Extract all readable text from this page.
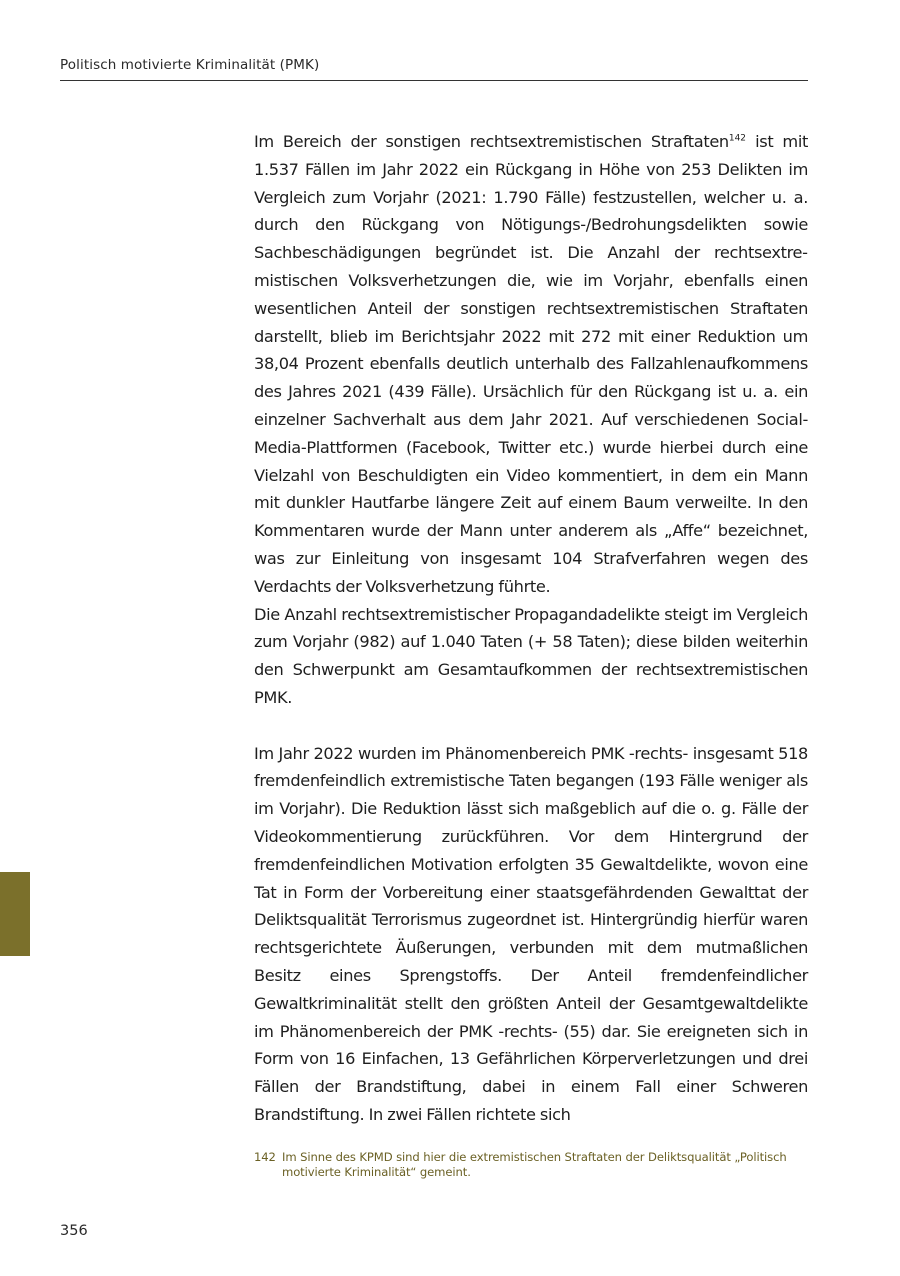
Politisch motivierte Kriminalität (PMK)

Im Bereich der sonstigen rechtsextremistischen Straftaten$^{142}$ ist mit 1.537 Fällen im Jahr 2022 ein Rückgang in Höhe von 253 Delikten im Vergleich zum Vorjahr (2021: 1.790 Fälle) festzustellen, welcher u. a. durch den Rückgang von Nötigungs-/Bedrohungsdelikten sowie Sachbeschädigungen begründet ist. Die Anzahl der rechtsextremistischen Volksverhetzungen die, wie im Vorjahr, ebenfalls einen wesentlichen Anteil der sonstigen rechtsextremistischen Straftaten darstellt, blieb im Berichtsjahr 2022 mit 272 mit einer Reduktion um 38,04 Prozent ebenfalls deutlich unterhalb des Fallzahlenaufkommens des Jahres 2021 (439 Fälle). Ursächlich für den Rückgang ist u. a. ein einzelner Sachverhalt aus dem Jahr 2021. Auf verschiedenen Social-Media-Plattformen (Facebook, Twitter etc.) wurde hierbei durch eine Vielzahl von Beschuldigten ein Video kommentiert, in dem ein Mann mit dunkler Hautfarbe längere Zeit auf einem Baum verweilte. In den Kommentaren wurde der Mann unter anderem als „Affe“ bezeichnet, was zur Einleitung von insgesamt 104 Strafverfahren wegen des Verdachts der Volksverhetzung führte.

Die Anzahl rechtsextremistischer Propagandadelikte steigt im Vergleich zum Vorjahr (982) auf 1.040 Taten (+ 58 Taten); diese bilden weiterhin den Schwerpunkt am Gesamtaufkommen der rechtsextremistischen PMK.

Im Jahr 2022 wurden im Phänomenbereich PMK -rechts- insgesamt 518 fremdenfeindlich extremistische Taten begangen (193 Fälle weniger als im Vorjahr). Die Reduktion lässt sich maßgeblich auf die o. g. Fälle der Videokommentierung zurückführen. Vor dem Hintergrund der fremdenfeindlichen Motivation erfolgten 35 Gewaltdelikte, wovon eine Tat in Form der Vorbereitung einer staatsgefährdenden Gewalttat der Deliktsqualität Terrorismus zugeordnet ist. Hintergründig hierfür waren rechtsgerichtete Äußerungen, verbunden mit dem mutmaßlichen Besitz eines Sprengstoffs. Der Anteil fremdenfeindlicher Gewaltkriminalität stellt den größten Anteil der Gesamtgewaltdelikte im Phänomenbereich der PMK -rechts- (55) dar. Sie ereigneten sich in Form von 16 Einfachen, 13 Gefährlichen Körperverletzungen und drei Fällen der Brandstiftung, dabei in einem Fall einer Schweren Brandstiftung. In zwei Fällen richtete sich

142 Im Sinne des KPMD sind hier die extremistischen Straftaten der Deliktsqualität „Politisch motivierte Kriminalität“ gemeint.
356
